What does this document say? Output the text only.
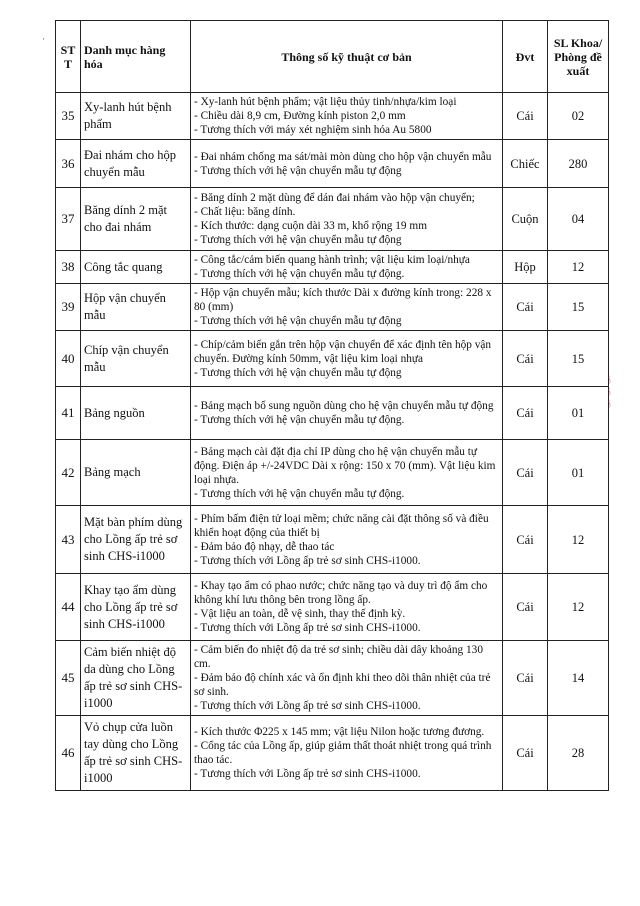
·
ST T	Danh mục hàng hóa	Thông số kỹ thuật cơ bản	Đvt	SL Khoa/ Phòng đề xuất
35	Xy-lanh hút bệnh phẩm	- Xy-lanh hút bệnh phẩm; vật liệu thủy tinh/nhựa/kim loại
- Chiều dài 8,9 cm, Đường kính piston 2,0 mm
- Tương thích với máy xét nghiệm sinh hóa Au 5800	Cái	02
36	Đai nhám cho hộp chuyển mẫu	- Đai nhám chống ma sát/mài mòn dùng cho hộp vận chuyển mẫu
- Tương thích với hệ vận chuyển mẫu tự động	Chiếc	280
37	Băng dính 2 mặt cho đai nhám	- Băng dính 2 mặt dùng để dán đai nhám vào hộp vận chuyển;
- Chất liệu: băng dính.
- Kích thước: dạng cuộn dài 33 m, khổ rộng 19 mm
- Tương thích với hệ vận chuyển mẫu tự động	Cuộn	04
38	Công tắc quang	- Công tắc/cảm biến quang hành trình; vật liệu kim loại/nhựa
- Tương thích với hệ vận chuyển mẫu tự động.	Hộp	12
39	Hộp vận chuyển mẫu	- Hộp vận chuyển mẫu; kích thước Dài x đường kính trong: 228 x 80 (mm)
- Tương thích với hệ vận chuyển mẫu tự động	Cái	15
40	Chíp vận chuyển mẫu	- Chíp/cảm biến gắn trên hộp vận chuyển để xác định tên hộp vận chuyển. Đường kính 50mm, vật liệu kim loại nhựa
- Tương thích với hệ vận chuyển mẫu tự động	Cái	15
41	Bảng nguồn	- Bảng mạch bổ sung nguồn dùng cho hệ vận chuyển mẫu tự động
- Tương thích với hệ vận chuyển mẫu tự động.	Cái	01
42	Bảng mạch	- Bảng mạch cài đặt địa chỉ IP dùng cho hệ vận chuyển mẫu tự động. Điện áp +/-24VDC Dài x rộng: 150 x 70 (mm). Vật liệu kim loại nhựa.
- Tương thích với hệ vận chuyển mẫu tự động.	Cái	01
43	Mặt bàn phím dùng cho Lồng ấp trẻ sơ sinh CHS-i1000	- Phím bấm điện tử loại mềm; chức năng cài đặt thông số và điều khiển hoạt động của thiết bị
- Đảm bảo độ nhạy, dễ thao tác
- Tương thích với Lồng ấp trẻ sơ sinh CHS-i1000.	Cái	12
44	Khay tạo ẩm dùng cho Lồng ấp trẻ sơ sinh CHS-i1000	- Khay tạo ẩm có phao nước; chức năng tạo và duy trì độ ẩm cho không khí lưu thông bên trong lồng ấp.
- Vật liệu an toàn, dễ vệ sinh, thay thế định kỳ.
- Tương thích với Lồng ấp trẻ sơ sinh CHS-i1000.	Cái	12
45	Cảm biến nhiệt độ da dùng cho Lồng ấp trẻ sơ sinh CHS-i1000	- Cảm biến đo nhiệt độ da trẻ sơ sinh; chiều dài dây khoảng 130 cm.
- Đảm bảo độ chính xác và ổn định khi theo dõi thân nhiệt của trẻ sơ sinh.
- Tương thích với Lồng ấp trẻ sơ sinh CHS-i1000.	Cái	14
46	Vỏ chụp cửa luồn tay dùng cho Lồng ấp trẻ sơ sinh CHS-i1000	- Kích thước Φ225 x 145 mm; vật liệu Nilon hoặc tương đương.
- Cổng tác của Lồng ấp, giúp giảm thất thoát nhiệt trong quá trình thao tác.
- Tương thích với Lồng ấp trẻ sơ sinh CHS-i1000.	Cái	28
〜〜〜
